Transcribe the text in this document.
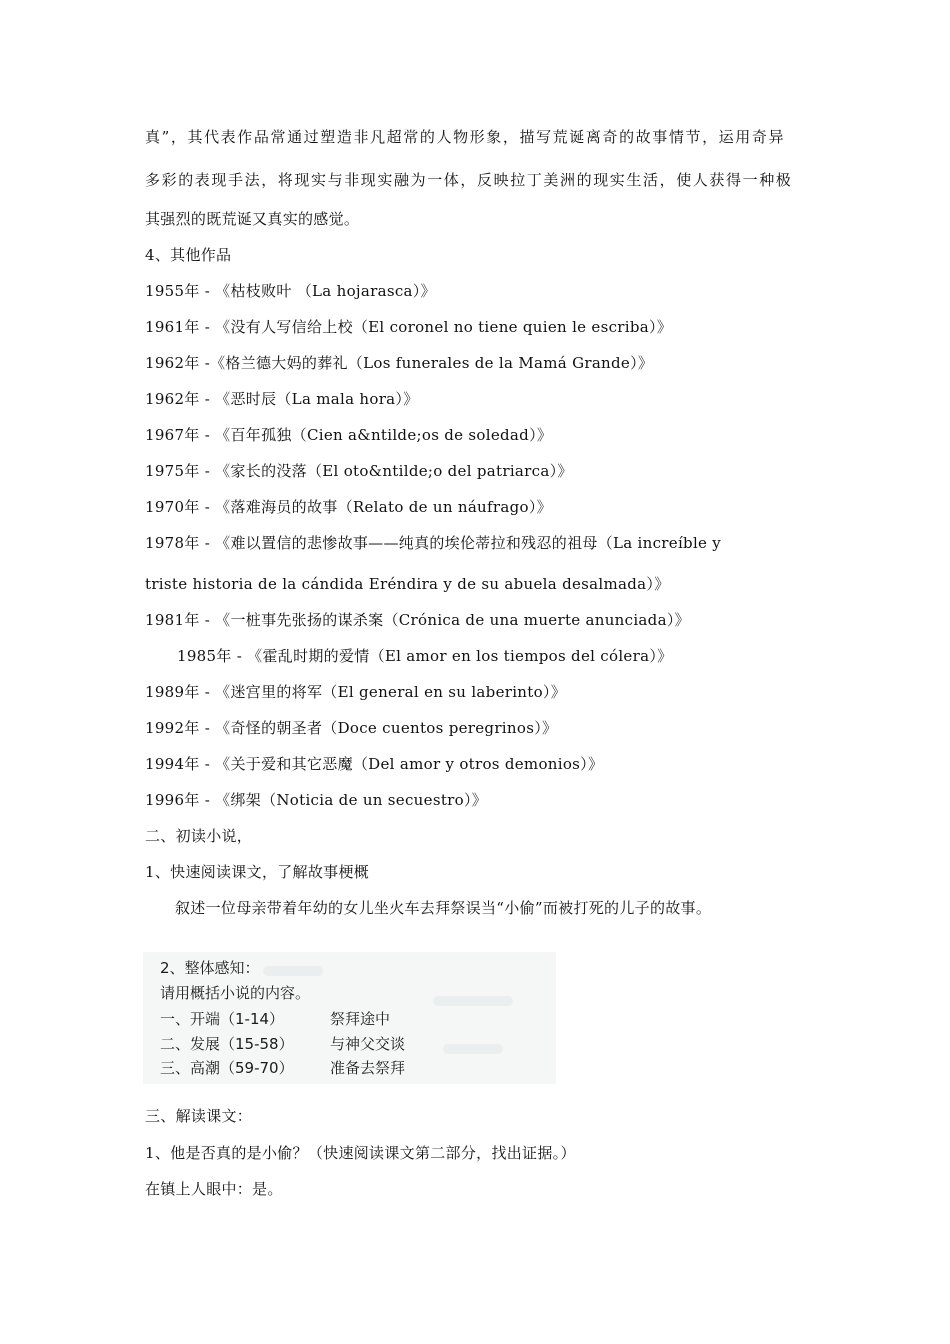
真”，其代表作品常通过塑造非凡超常的人物形象，描写荒诞离奇的故事情节，运用奇异
多彩的表现手法，将现实与非现实融为一体，反映拉丁美洲的现实生活，使人获得一种极
其强烈的既荒诞又真实的感觉。
4、其他作品
1955年 - 《枯枝败叶 （La hojarasca）》
1961年 - 《没有人写信给上校（El coronel no tiene quien le escriba）》
1962年 -《格兰德大妈的葬礼（Los funerales de la Mamá Grande）》
1962年 - 《恶时辰（La mala hora）》
1967年 - 《百年孤独（Cien a&ntilde;os de soledad）》
1975年 - 《家长的没落（El oto&ntilde;o del patriarca）》
1970年 - 《落难海员的故事（Relato de un náufrago）》
1978年 - 《难以置信的悲惨故事——纯真的埃伦蒂拉和残忍的祖母（La increíble y
triste historia de la cándida Eréndira y de su abuela desalmada）》
1981年 - 《一桩事先张扬的谋杀案（Crónica de una muerte anunciada）》
1985年 - 《霍乱时期的爱情（El amor en los tiempos del cólera）》
1989年 - 《迷宫里的将军（El general en su laberinto）》
1992年 - 《奇怪的朝圣者（Doce cuentos peregrinos）》
1994年 - 《关于爱和其它恶魔（Del amor y otros demonios）》
1996年 - 《绑架（Noticia de un secuestro）》
二、初读小说，
1、快速阅读课文，了解故事梗概
叙述一位母亲带着年幼的女儿坐火车去拜祭误当“小偷”而被打死的儿子的故事。
2、整体感知：
请用概括小说的内容。
一、开端（1-14）	祭拜途中
二、发展（15-58） 与神父交谈
三、高潮（59-70） 准备去祭拜
三、解读课文：
1、他是否真的是小偷？（快速阅读课文第二部分，找出证据。）
在镇上人眼中：是。
